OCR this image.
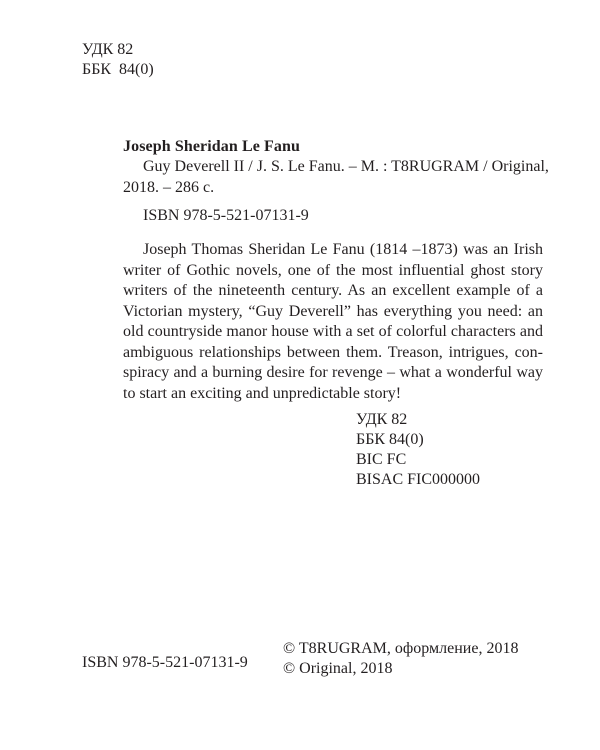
УДК 82
ББК  84(0)
Joseph Sheridan Le Fanu
Guy Deverell II / J. S. Le Fanu. – M. : T8RUGRAM / Original,
2018. – 286 с.
ISBN 978-5-521-07131-9
Joseph Thomas Sheridan Le Fanu (1814 –1873) was an Irish
writer of Gothic novels, one of the most influential ghost story
writers of the nineteenth century. As an excellent example of a
Victorian mystery, “Guy Deverell” has everything you need: an
old countryside manor house with a set of colorful characters and
ambiguous relationships between them. Treason, intrigues, con-
spiracy and a burning desire for revenge – what a wonderful way
to start an exciting and unpredictable story!
УДК 82
ББК 84(0)
BIC FC
BISAC FIC000000
ISBN 978-5-521-07131-9
© T8RUGRAM, оформление, 2018
© Original, 2018
